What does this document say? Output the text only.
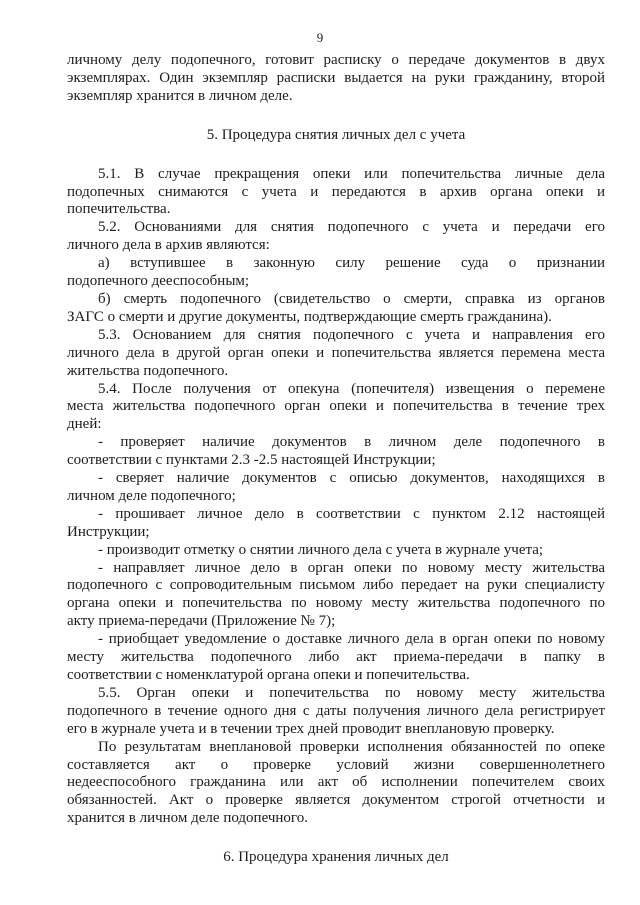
9

личному делу подопечного, готовит расписку о передаче документов в двух

экземплярах. Один экземпляр расписки выдается на руки гражданину, второй

экземпляр хранится в личном деле.

5. Процедура снятия личных дел с учета

5.1. В случае прекращения опеки или попечительства личные дела

подопечных снимаются с учета и передаются в архив органа опеки и

попечительства.

5.2. Основаниями для снятия подопечного с учета и передачи его

личного дела в архив являются:

а) вступившее в законную силу решение суда о признании

подопечного дееспособным;

б) смерть подопечного (свидетельство о смерти, справка из органов

ЗАГС о смерти и другие документы, подтверждающие смерть гражданина).

5.3. Основанием для снятия подопечного с учета и направления его

личного дела в другой орган опеки и попечительства является перемена места

жительства подопечного.

5.4. После получения от опекуна (попечителя) извещения о перемене

места жительства подопечного орган опеки и попечительства в течение трех

дней:

- проверяет наличие документов в личном деле подопечного в

соответствии с пунктами 2.3 -2.5 настоящей Инструкции;

- сверяет наличие документов с описью документов, находящихся в

личном деле подопечного;

- прошивает личное дело в соответствии с пунктом 2.12 настоящей

Инструкции;

- производит отметку о снятии личного дела с учета в журнале учета;

- направляет личное дело в орган опеки по новому месту жительства

подопечного с сопроводительным письмом либо передает на руки специалисту

органа опеки и попечительства по новому месту жительства подопечного по

акту приема-передачи (Приложение № 7);

- приобщает уведомление о доставке личного дела в орган опеки по новому

месту жительства подопечного либо акт приема-передачи в папку в

соответствии с номенклатурой органа опеки и попечительства.

5.5. Орган опеки и попечительства по новому месту жительства

подопечного в течение одного дня с даты получения личного дела регистрирует

его в журнале учета и в течении трех дней проводит внеплановую проверку.

По результатам внеплановой проверки исполнения обязанностей по опеке

составляется акт о проверке условий жизни совершеннолетнего

недееспособного гражданина или акт об исполнении попечителем своих

обязанностей. Акт о проверке является документом строгой отчетности и

хранится в личном деле подопечного.

6. Процедура хранения личных дел
